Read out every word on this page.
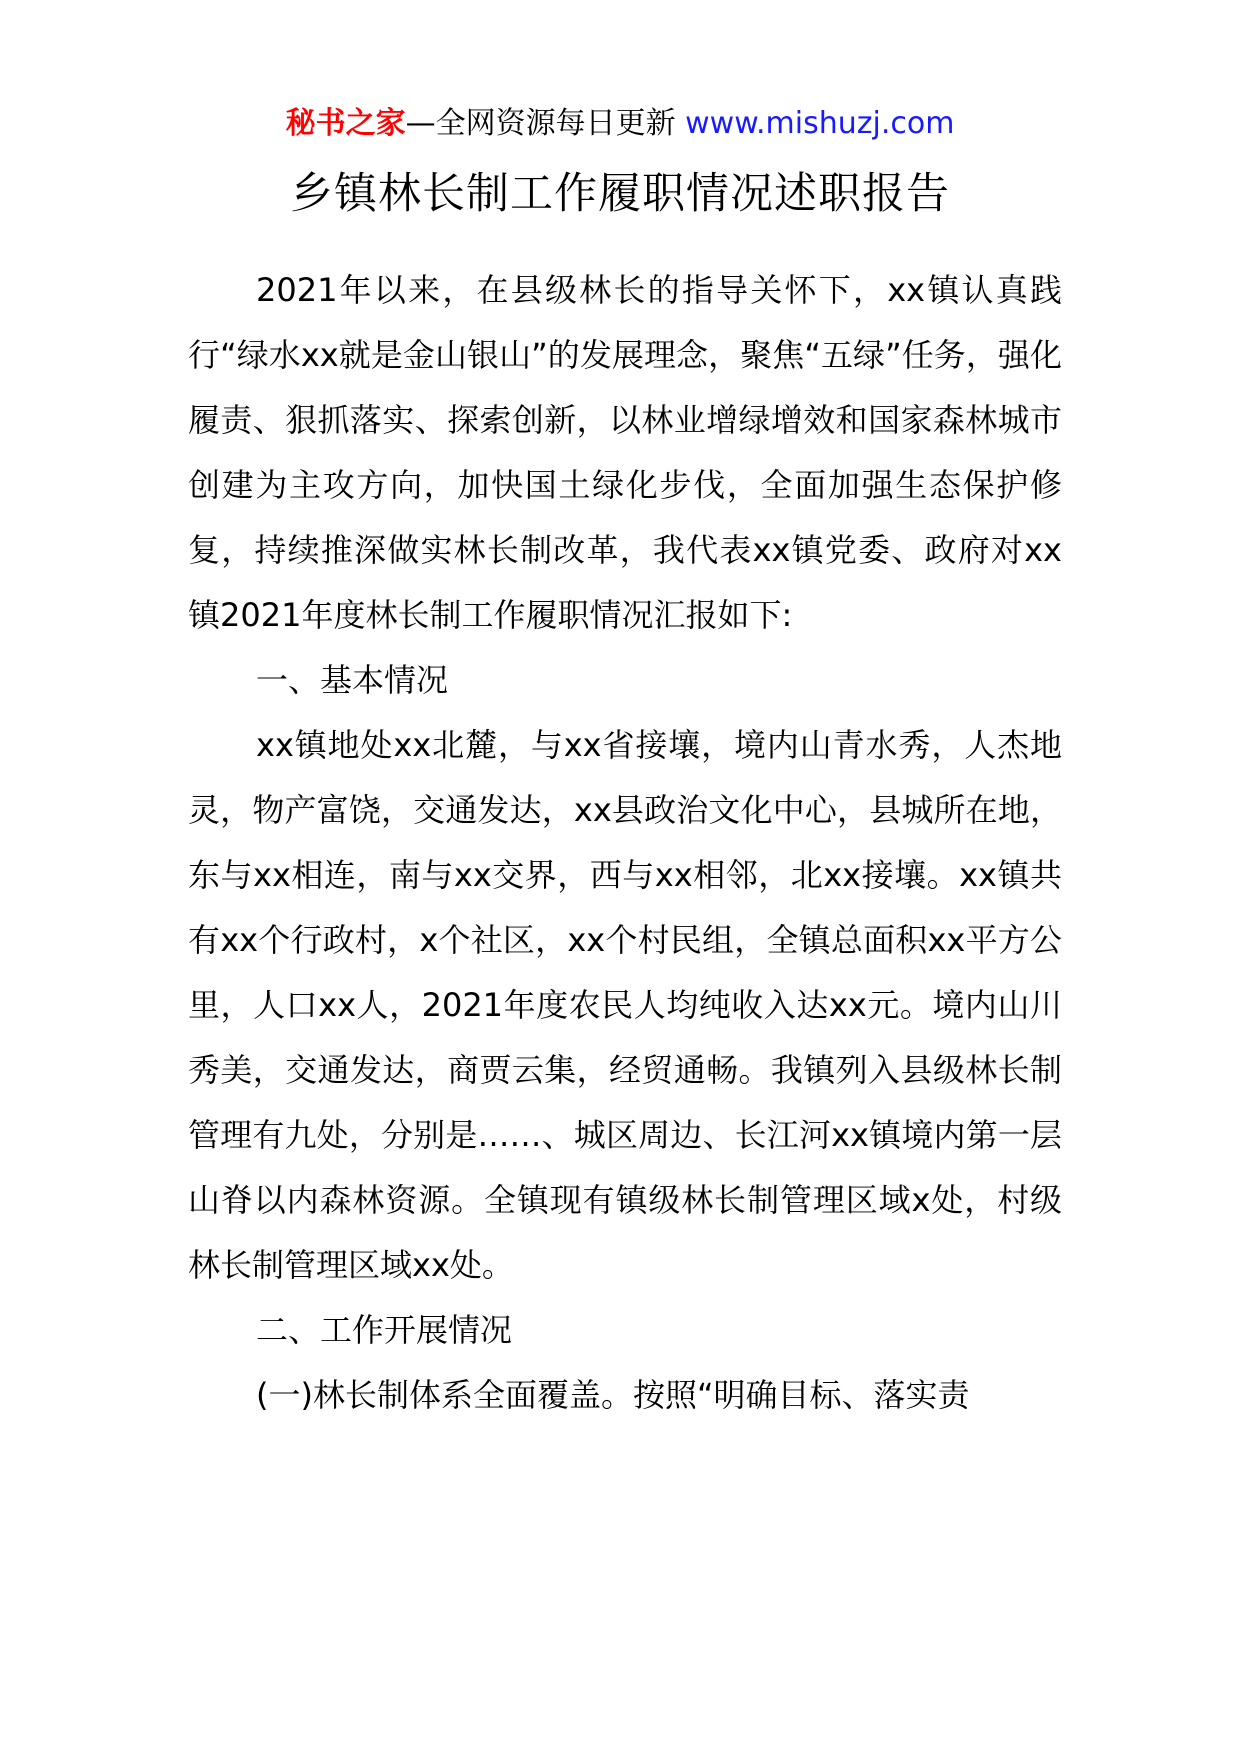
秘书之家—全网资源每日更新 www.mishuzj.com
乡镇林长制工作履职情况述职报告

2021年以来，在县级林长的指导关怀下，xx镇认真践行“绿水xx就是金山银山”的发展理念，聚焦“五绿”任务，强化履责、狠抓落实、探索创新，以林业增绿增效和国家森林城市创建为主攻方向，加快国土绿化步伐，全面加强生态保护修复，持续推深做实林长制改革，我代表xx镇党委、政府对xx镇2021年度林长制工作履职情况汇报如下:

一、基本情况

xx镇地处xx北麓，与xx省接壤，境内山青水秀，人杰地灵，物产富饶，交通发达，xx县政治文化中心，县城所在地，东与xx相连，南与xx交界，西与xx相邻，北xx接壤。xx镇共有xx个行政村，x个社区，xx个村民组，全镇总面积xx平方公里，人口xx人，2021年度农民人均纯收入达xx元。境内山川秀美，交通发达，商贾云集，经贸通畅。我镇列入县级林长制管理有九处，分别是……、城区周边、长江河xx镇境内第一层山脊以内森林资源。全镇现有镇级林长制管理区域x处，村级林长制管理区域xx处。

二、工作开展情况

(一)林长制体系全面覆盖。按照“明确目标、落实责
